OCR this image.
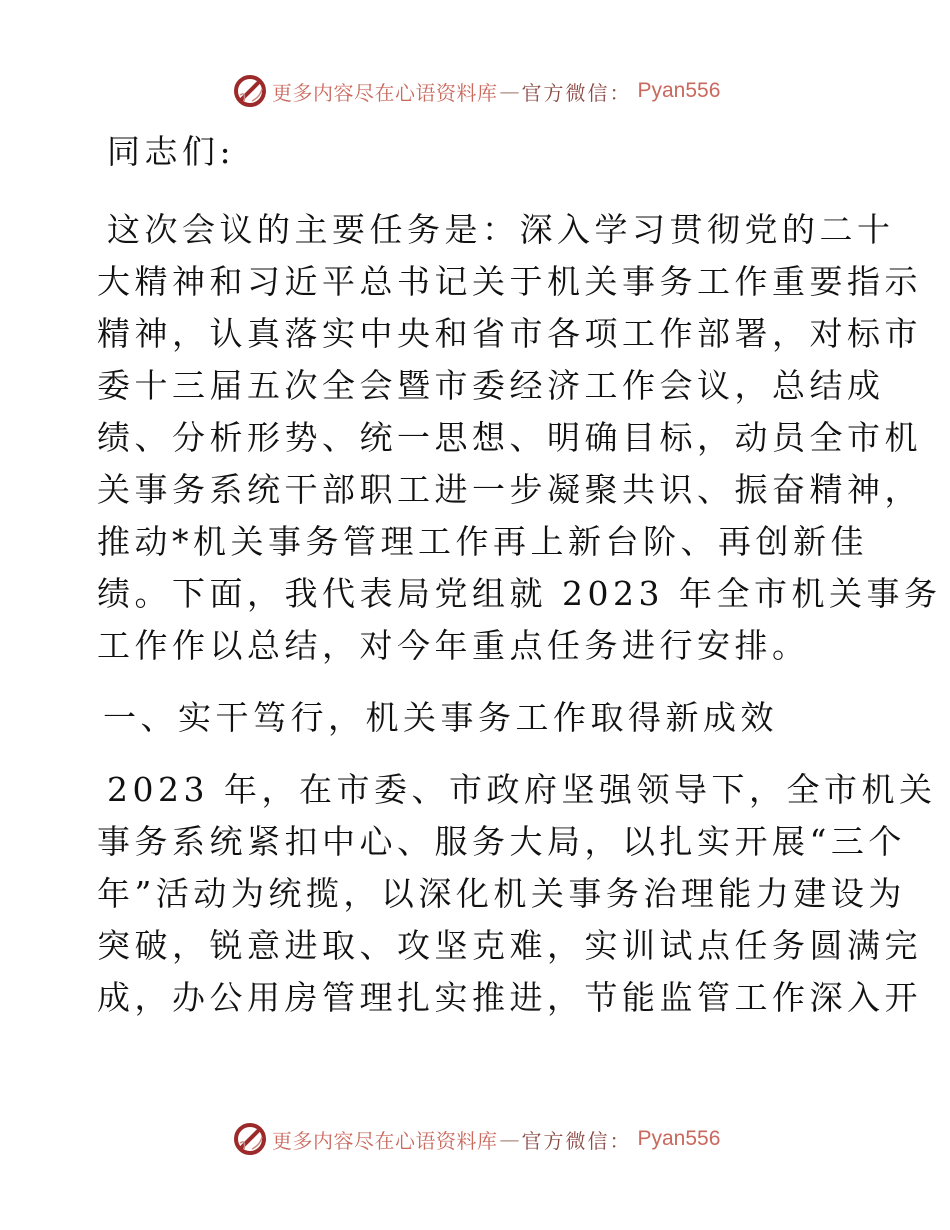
更多内容尽在心语资料库 — 官方微信： Pyan556

同志们:

这次会议的主要任务是：深入学习贯彻党的二十
大精神和习近平总书记关于机关事务工作重要指示
精神，认真落实中央和省市各项工作部署，对标市
委十三届五次全会暨市委经济工作会议，总结成
绩、分析形势、统一思想、明确目标，动员全市机
关事务系统干部职工进一步凝聚共识、振奋精神，
推动*机关事务管理工作再上新台阶、再创新佳
绩。下面，我代表局党组就 2023 年全市机关事务
工作作以总结，对今年重点任务进行安排。

一、实干笃行，机关事务工作取得新成效

2023 年，在市委、市政府坚强领导下，全市机关
事务系统紧扣中心、服务大局，以扎实开展“三个
年”活动为统揽，以深化机关事务治理能力建设为
突破，锐意进取、攻坚克难，实训试点任务圆满完
成，办公用房管理扎实推进，节能监管工作深入开

更多内容尽在心语资料库 — 官方微信： Pyan556
